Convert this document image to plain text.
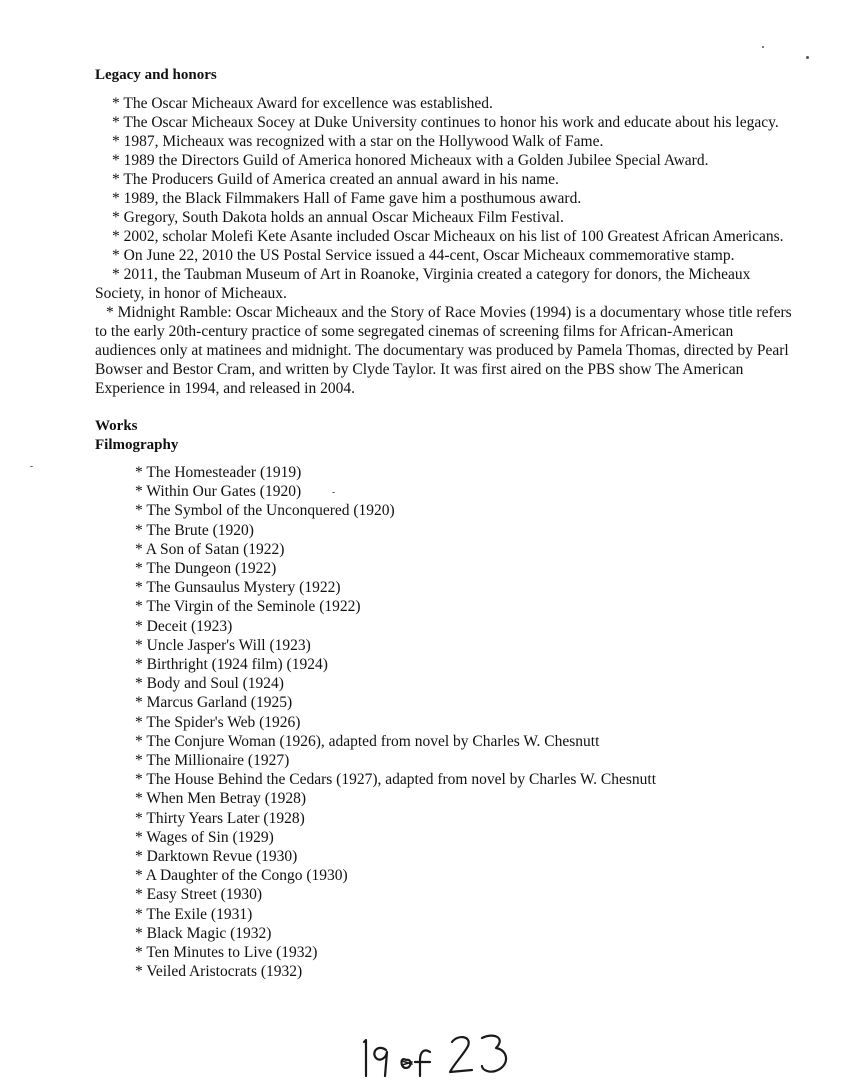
Legacy and honors
* The Oscar Micheaux Award for excellence was established.
* The Oscar Micheaux Socey at Duke University continues to honor his work and educate about his legacy.
* 1987, Micheaux was recognized with a star on the Hollywood Walk of Fame.
* 1989 the Directors Guild of America honored Micheaux with a Golden Jubilee Special Award.
* The Producers Guild of America created an annual award in his name.
* 1989, the Black Filmmakers Hall of Fame gave him a posthumous award.
* Gregory, South Dakota holds an annual Oscar Micheaux Film Festival.
* 2002, scholar Molefi Kete Asante included Oscar Micheaux on his list of 100 Greatest African Americans.
* On June 22, 2010 the US Postal Service issued a 44-cent, Oscar Micheaux commemorative stamp.
* 2011, the Taubman Museum of Art in Roanoke, Virginia created a category for donors, the Micheaux Society, in honor of Micheaux.
* Midnight Ramble: Oscar Micheaux and the Story of Race Movies (1994) is a documentary whose title refers to the early 20th-century practice of some segregated cinemas of screening films for African-American audiences only at matinees and midnight. The documentary was produced by Pamela Thomas, directed by Pearl Bowser and Bestor Cram, and written by Clyde Taylor. It was first aired on the PBS show The American Experience in 1994, and released in 2004.
Works
Filmography
* The Homesteader (1919)
* Within Our Gates (1920)
* The Symbol of the Unconquered (1920)
* The Brute (1920)
* A Son of Satan (1922)
* The Dungeon (1922)
* The Gunsaulus Mystery (1922)
* The Virgin of the Seminole (1922)
* Deceit (1923)
* Uncle Jasper's Will (1923)
* Birthright (1924 film) (1924)
* Body and Soul (1924)
* Marcus Garland (1925)
* The Spider's Web (1926)
* The Conjure Woman (1926), adapted from novel by Charles W. Chesnutt
* The Millionaire (1927)
* The House Behind the Cedars (1927), adapted from novel by Charles W. Chesnutt
* When Men Betray (1928)
* Thirty Years Later (1928)
* Wages of Sin (1929)
* Darktown Revue (1930)
* A Daughter of the Congo (1930)
* Easy Street (1930)
* The Exile (1931)
* Black Magic (1932)
* Ten Minutes to Live (1932)
* Veiled Aristocrats (1932)
